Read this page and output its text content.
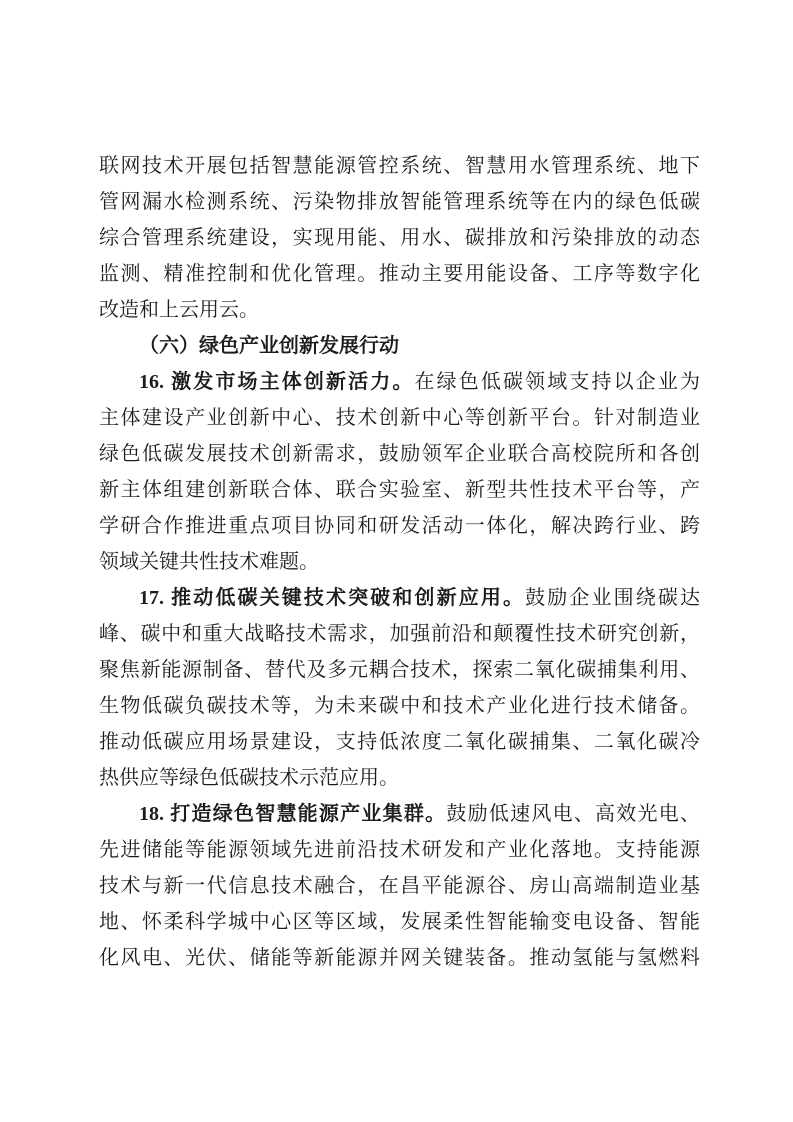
联网技术开展包括智慧能源管控系统、智慧用水管理系统、地下
管网漏水检测系统、污染物排放智能管理系统等在内的绿色低碳
综合管理系统建设，实现用能、用水、碳排放和污染排放的动态
监测、精准控制和优化管理。推动主要用能设备、工序等数字化
改造和上云用云。
（六）绿色产业创新发展行动
16. 激发市场主体创新活力。在绿色低碳领域支持以企业为
主体建设产业创新中心、技术创新中心等创新平台。针对制造业
绿色低碳发展技术创新需求，鼓励领军企业联合高校院所和各创
新主体组建创新联合体、联合实验室、新型共性技术平台等，产
学研合作推进重点项目协同和研发活动一体化，解决跨行业、跨
领域关键共性技术难题。
17. 推动低碳关键技术突破和创新应用。鼓励企业围绕碳达
峰、碳中和重大战略技术需求，加强前沿和颠覆性技术研究创新，
聚焦新能源制备、替代及多元耦合技术，探索二氧化碳捕集利用、
生物低碳负碳技术等，为未来碳中和技术产业化进行技术储备。
推动低碳应用场景建设，支持低浓度二氧化碳捕集、二氧化碳冷
热供应等绿色低碳技术示范应用。
18. 打造绿色智慧能源产业集群。鼓励低速风电、高效光电、
先进储能等能源领域先进前沿技术研发和产业化落地。支持能源
技术与新一代信息技术融合，在昌平能源谷、房山高端制造业基
地、怀柔科学城中心区等区域，发展柔性智能输变电设备、智能
化风电、光伏、储能等新能源并网关键装备。推动氢能与氢燃料
